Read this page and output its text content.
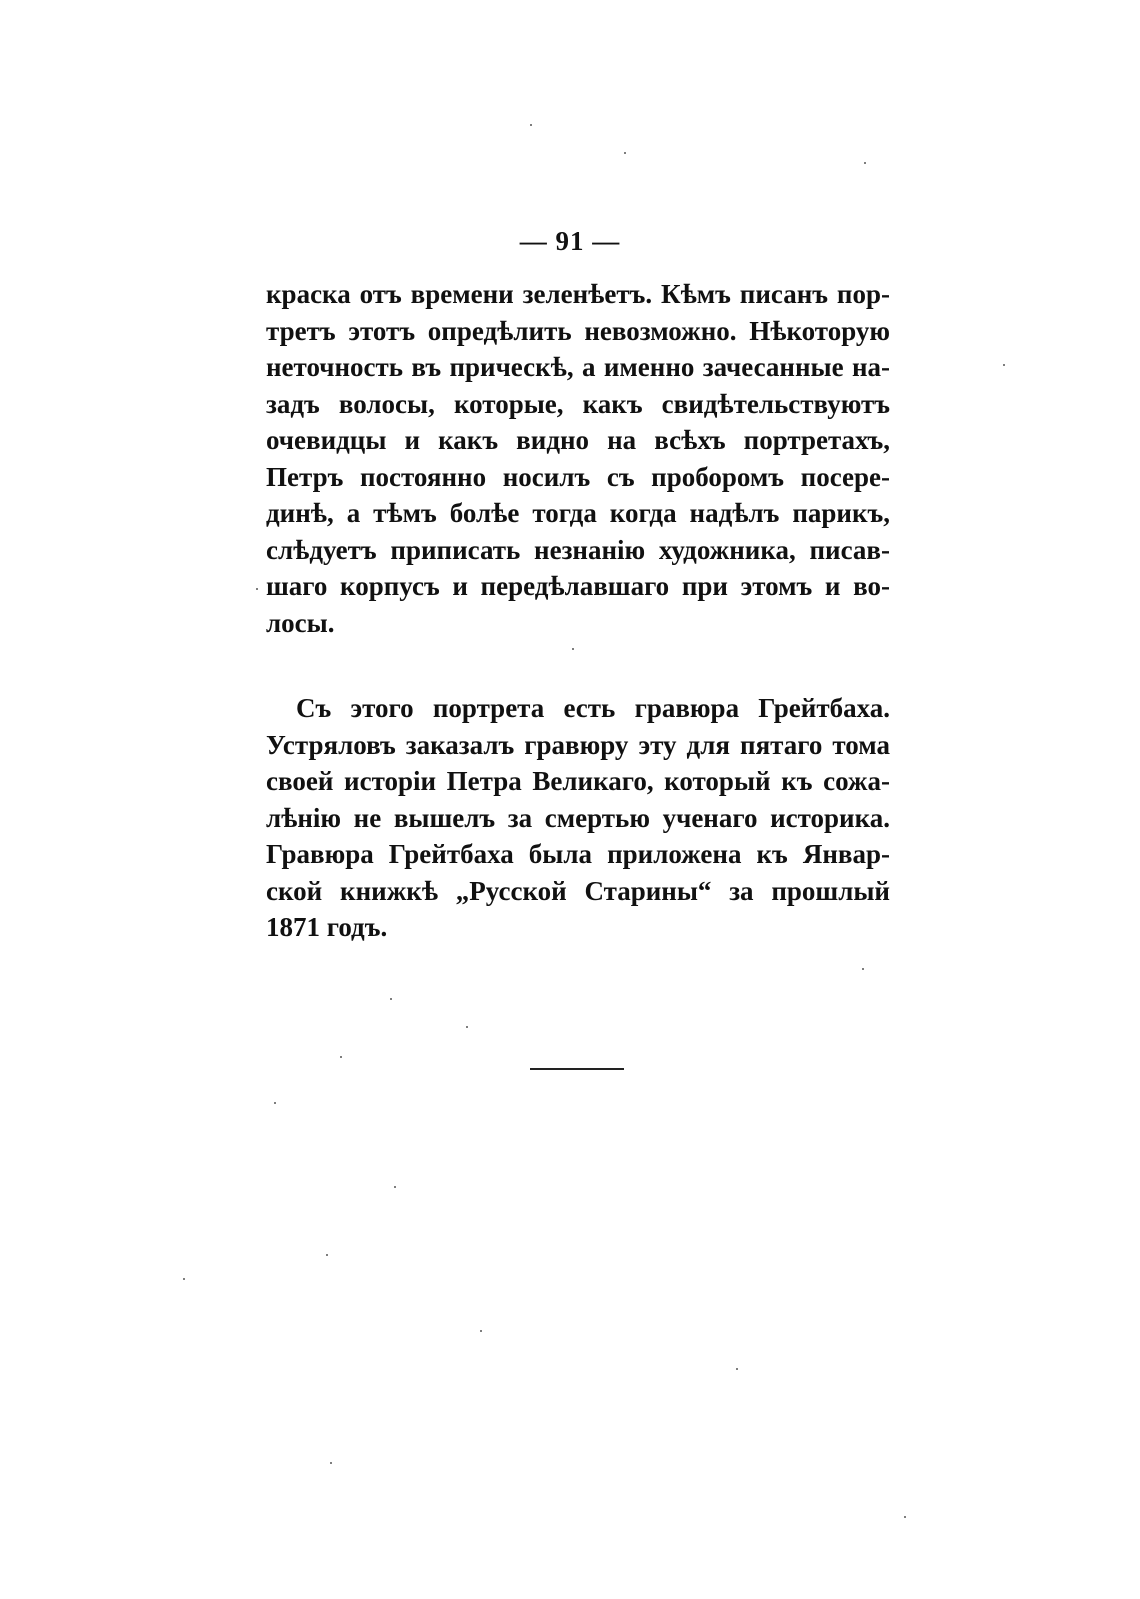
— 91 —
краска отъ времени зеленѣетъ. Кѣмъ писанъ пор-
третъ этотъ опредѣлить невозможно. Нѣкоторую
неточность въ прическѣ, а именно зачесанные на-
задъ волосы, которые, какъ свидѣтельствуютъ
очевидцы и какъ видно на всѣхъ портретахъ,
Петръ постоянно носилъ съ проборомъ посере-
динѣ, а тѣмъ болѣе тогда когда надѣлъ парикъ,
слѣдуетъ приписать незнанію художника, писав-
шаго корпусъ и передѣлавшаго при этомъ и во-
лосы.
Съ этого портрета есть гравюра Грейтбаха.
Устряловъ заказалъ гравюру эту для пятаго тома
своей исторіи Петра Великаго, который къ сожа-
лѣнію не вышелъ за смертью ученаго историка.
Гравюра Грейтбаха была приложена къ Январ-
ской книжкѣ „Русской Старины“ за прошлый
1871 годъ.
